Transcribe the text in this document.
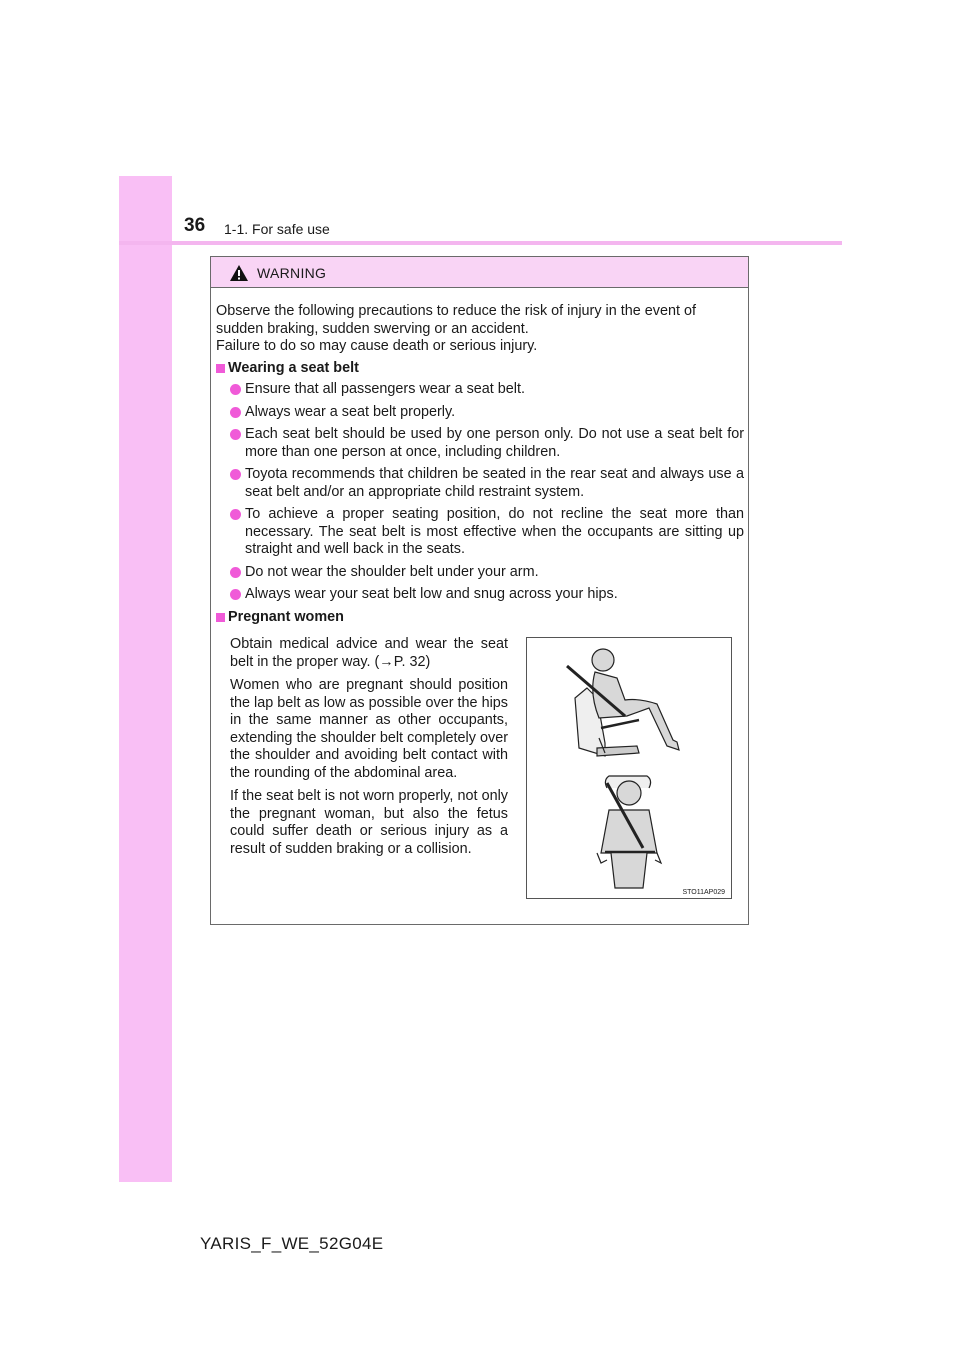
36 1-1. For safe use
WARNING

Observe the following precautions to reduce the risk of injury in the event of
sudden braking, sudden swerving or an accident.
Failure to do so may cause death or serious injury.

Wearing a seat belt
Ensure that all passengers wear a seat belt.
Always wear a seat belt properly.
Each seat belt should be used by one person only. Do not use a seat belt for more than one person at once, including children.
Toyota recommends that children be seated in the rear seat and always use a seat belt and/or an appropriate child restraint system.
To achieve a proper seating position, do not recline the seat more than necessary. The seat belt is most effective when the occupants are sitting up straight and well back in the seats.
Do not wear the shoulder belt under your arm.
Always wear your seat belt low and snug across your hips.
Pregnant women

Obtain medical advice and wear the seat belt in the proper way. (→P. 32)

Women who are pregnant should position the lap belt as low as possible over the hips in the same manner as other occupants, extending the shoulder belt completely over the shoulder and avoiding belt contact with the rounding of the abdominal area.

If the seat belt is not worn properly, not only the pregnant woman, but also the fetus could suffer death or serious injury as a result of sudden braking or a collision.

STO11AP029
YARIS_F_WE_52G04E
